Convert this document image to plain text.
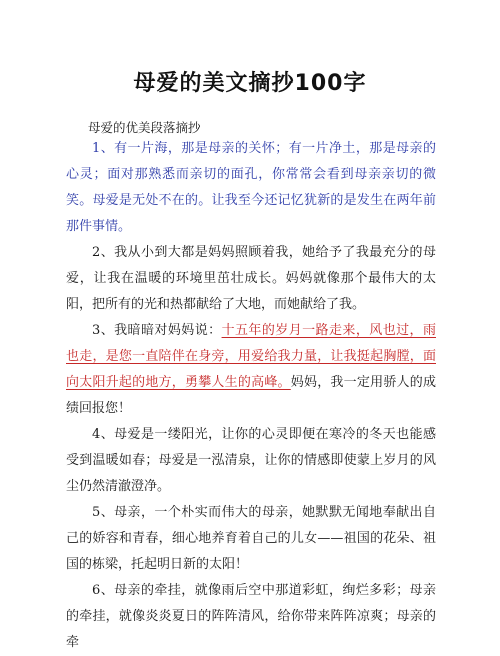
母爱的美文摘抄100字
母爱的优美段落摘抄

1、有一片海，那是母亲的关怀；有一片净土，那是母亲的心灵；面对那熟悉而亲切的面孔，你常常会看到母亲亲切的微笑。母爱是无处不在的。让我至今还记忆犹新的是发生在两年前那件事情。

2、我从小到大都是妈妈照顾着我，她给予了我最充分的母爱，让我在温暖的环境里茁壮成长。妈妈就像那个最伟大的太阳，把所有的光和热都献给了大地，而她献给了我。

3、我暗暗对妈妈说：十五年的岁月一路走来，风也过，雨也走，是您一直陪伴在身旁，用爱给我力量，让我挺起胸膛，面向太阳升起的地方，勇攀人生的高峰。妈妈，我一定用骄人的成绩回报您！

4、母爱是一缕阳光，让你的心灵即便在寒冷的冬天也能感受到温暖如春；母爱是一泓清泉，让你的情感即使蒙上岁月的风尘仍然清澈澄净。

5、母亲，一个朴实而伟大的母亲，她默默无闻地奉献出自己的娇容和青春，细心地养育着自己的儿女——祖国的花朵、祖国的栋梁，托起明日新的太阳！

6、母亲的牵挂，就像雨后空中那道彩虹，绚烂多彩；母亲的牵挂，就像炎炎夏日的阵阵清风，给你带来阵阵凉爽；母亲的牵
